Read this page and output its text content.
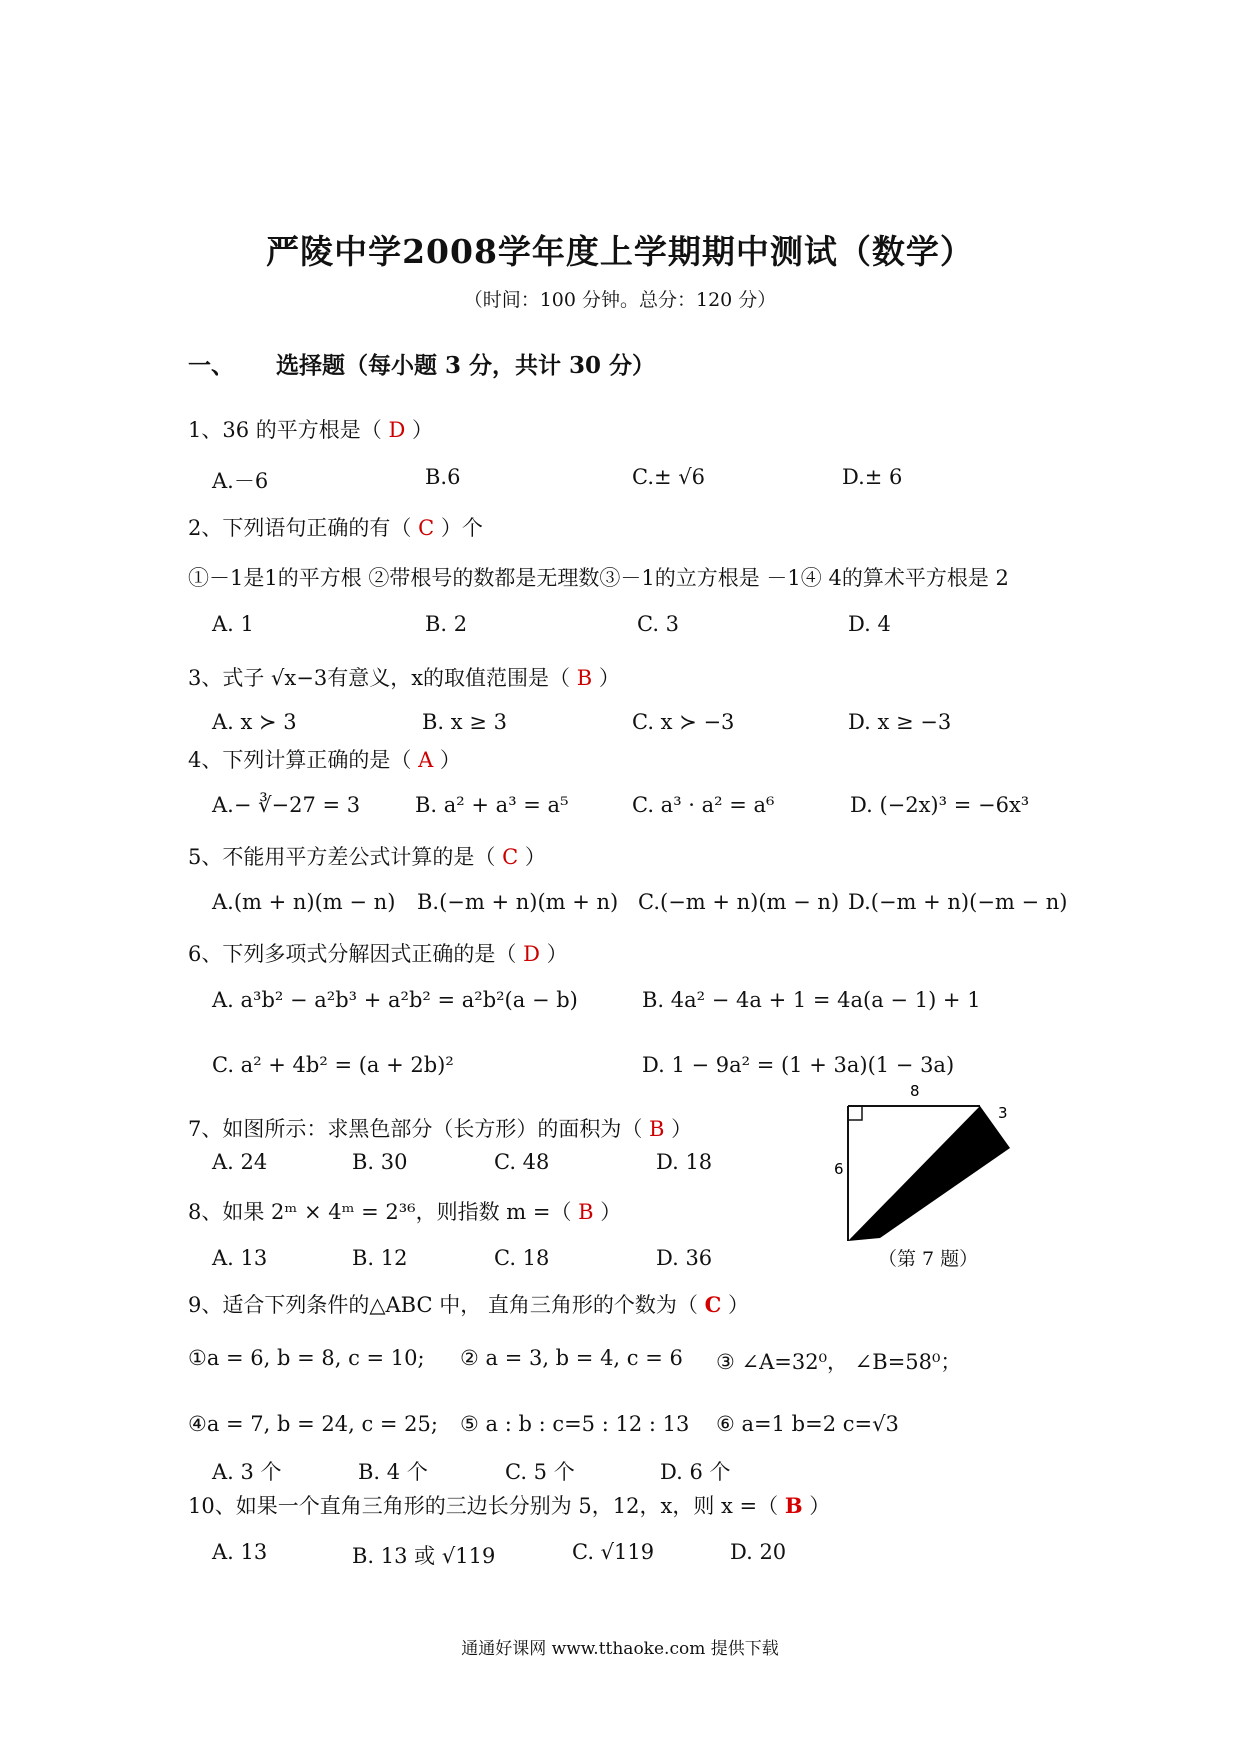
严陵中学2008学年度上学期期中测试（数学）
（时间：100 分钟。总分：120 分）
一、 选择题（每小题 3 分，共计 30 分）
1、36 的平方根是（ D ）
A.－6	B.6	C.± √6	D.± 6
2、下列语句正确的有（ C ）个
①－1是1的平方根 ②带根号的数都是无理数③－1的立方根是 －1④ 4的算术平方根是 2
A. 1	B. 2	C. 3	D. 4
3、式子 √x−3有意义，x的取值范围是（ B ）
A. x ≻ 3	B. x ≥ 3	C. x ≻ −3	D. x ≥ −3
4、下列计算正确的是（ A ）
A.− ∛−27 = 3	B. a² + a³ = a⁵	C. a³ · a² = a⁶	D. (−2x)³ = −6x³
5、不能用平方差公式计算的是（ C ）
A.(m + n)(m − n) B.(−m + n)(m + n) C.(−m + n)(m − n) D.(−m + n)(−m − n)
6、下列多项式分解因式正确的是（ D ）
A. a³b² − a²b³ + a²b² = a²b²(a − b)	B. 4a² − 4a + 1 = 4a(a − 1) + 1
C. a² + 4b² = (a + 2b)²	D. 1 − 9a² = (1 + 3a)(1 − 3a)
7、如图所示：求黑色部分（长方形）的面积为（ B ）
A. 24	B. 30	C. 48	D. 18
8
6
3
（第 7 题）
8、如果 2ᵐ × 4ᵐ = 2³⁶，则指数 m =（ B ）
A. 13	B. 12	C. 18	D. 36
9、适合下列条件的△ABC 中， 直角三角形的个数为（ C ）
①a = 6, b = 8, c = 10; ② a = 3, b = 4, c = 6 ③ ∠A=32⁰， ∠B=58⁰；
④a = 7, b = 24, c = 25; ⑤ a : b : c=5 : 12 : 13 ⑥ a=1 b=2 c=√3
A. 3 个	B. 4 个	C. 5 个	D. 6 个
10、如果一个直角三角形的三边长分别为 5，12，x，则 x =（ B ）
A. 13	B. 13 或 √119	C. √119	D. 20
通通好课网 www.tthaoke.com 提供下载
